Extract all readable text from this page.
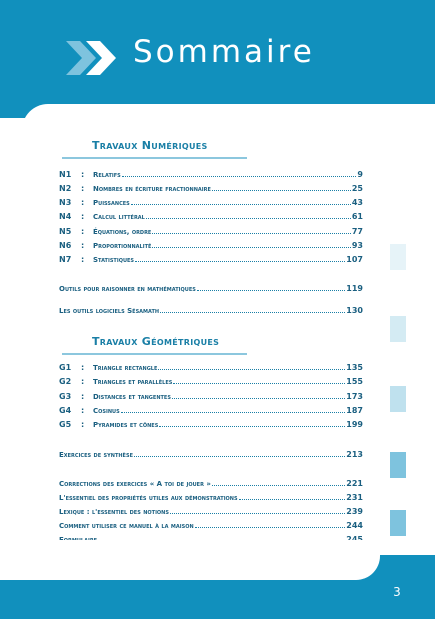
Sommaire
Travaux Numériques
N1	:	Relatifs	9
N2	:	Nombres en écriture fractionnaire	25
N3	:	Puissances	43
N4	:	Calcul littéral	61
N5	:	Équations, ordre	77
N6	:	Proportionnalité	93
N7	:	Statistiques	107
Outils pour raisonner en mathématiques	119
Les outils logiciels Sésamath	130
Travaux Géométriques
G1	:	Triangle rectangle	135
G2	:	Triangles et parallèles	155
G3	:	Distances et tangentes	173
G4	:	Cosinus	187
G5	:	Pyramides et cônes	199
Exercices de synthèse	213
Corrections des exercices « A toi de jouer »	221
L'essentiel des propriétés utiles aux démonstrations	231
Lexique : l'essentiel des notions	239
Comment utiliser ce manuel à la maison	244
3
